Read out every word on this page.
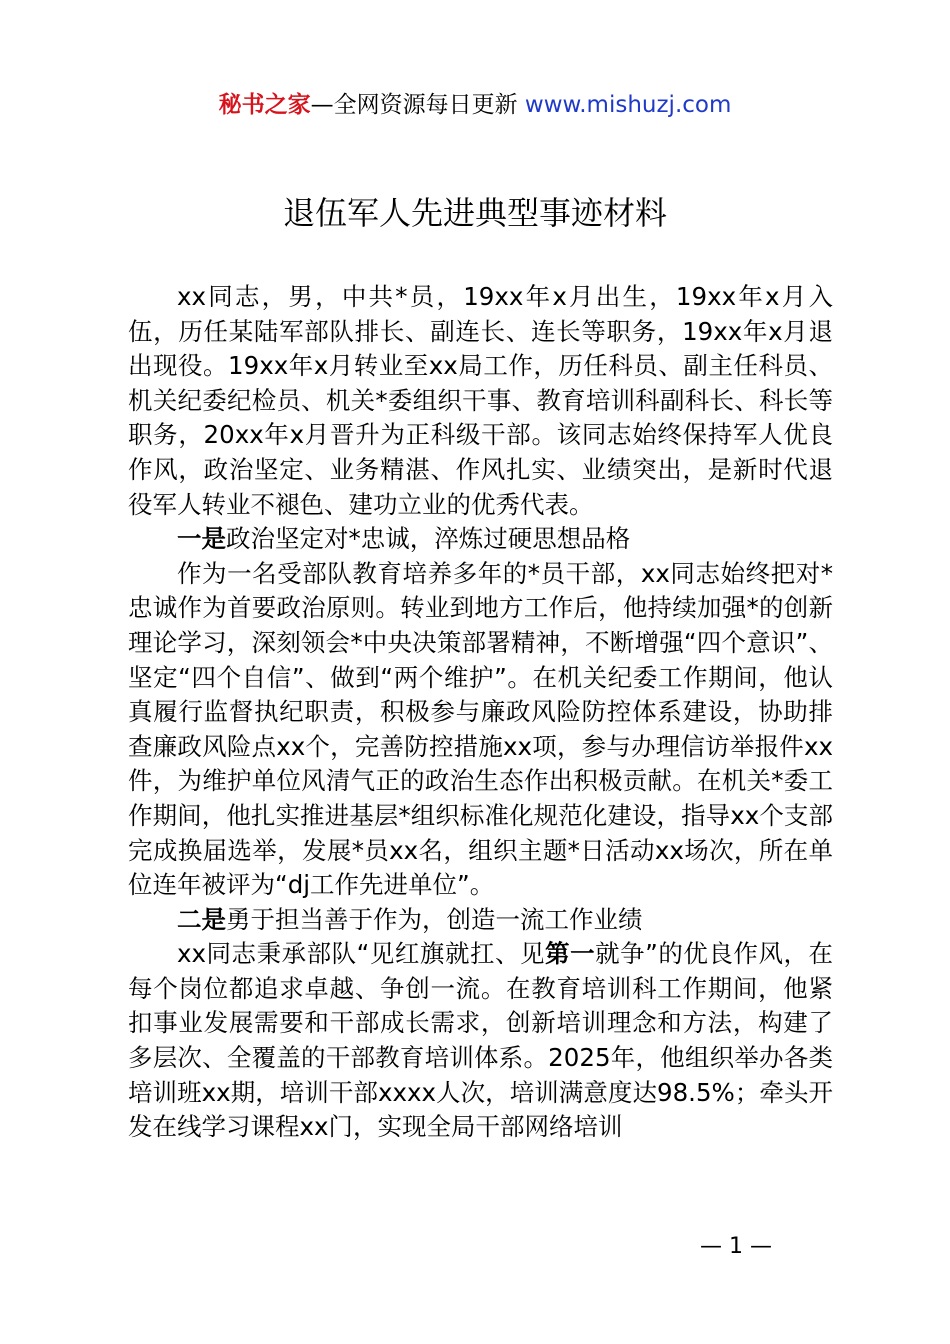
秘书之家—全网资源每日更新 www.mishuzj.com
退伍军人先进典型事迹材料

xx同志，男，中共*员，19xx年x月出生，19xx年x月入伍，历任某陆军部队排长、副连长、连长等职务，19xx年x月退出现役。19xx年x月转业至xx局工作，历任科员、副主任科员、机关纪委纪检员、机关*委组织干事、教育培训科副科长、科长等职务，20xx年x月晋升为正科级干部。该同志始终保持军人优良作风，政治坚定、业务精湛、作风扎实、业绩突出，是新时代退役军人转业不褪色、建功立业的优秀代表。

一是政治坚定对*忠诚，淬炼过硬思想品格

作为一名受部队教育培养多年的*员干部，xx同志始终把对*忠诚作为首要政治原则。转业到地方工作后，他持续加强*的创新理论学习，深刻领会*中央决策部署精神，不断增强“四个意识”、坚定“四个自信”、做到“两个维护”。在机关纪委工作期间，他认真履行监督执纪职责，积极参与廉政风险防控体系建设，协助排查廉政风险点xx个，完善防控措施xx项，参与办理信访举报件xx件，为维护单位风清气正的政治生态作出积极贡献。在机关*委工作期间，他扎实推进基层*组织标准化规范化建设，指导xx个支部完成换届选举，发展*员xx名，组织主题*日活动xx场次，所在单位连年被评为“dj工作先进单位”。

二是勇于担当善于作为，创造一流工作业绩

xx同志秉承部队“见红旗就扛、见第一就争”的优良作风，在每个岗位都追求卓越、争创一流。在教育培训科工作期间，他紧扣事业发展需要和干部成长需求，创新培训理念和方法，构建了多层次、全覆盖的干部教育培训体系。2025年，他组织举办各类培训班xx期，培训干部xxxx人次，培训满意度达98.5%；牵头开发在线学习课程xx门，实现全局干部网络培训

— 1 —
